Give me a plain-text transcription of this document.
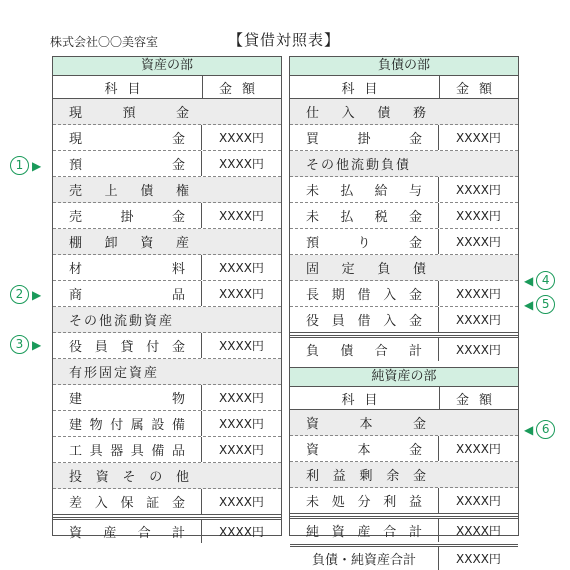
株式会社〇〇美容室	【貸借対照表】
資産の部
科目	金額
現	預	金
現	金	XXXX円
預	金	XXXX円
売 上 債 権
売	掛	金	XXXX円
棚 卸 資 産
材	料	XXXX円
商	品	XXXX円
その他流動資産
役 員 貸 付 金	XXXX円
有形固定資産
建	物	XXXX円
建 物 付 属 設 備	XXXX円
工 具 器 具 備 品	XXXX円
投 資 そ の 他
差 入 保 証 金	XXXX円
資 産 合 計	XXXX円
負債の部
科目	金額
仕 入 債 務
買	掛	金	XXXX円
その他流動負債
未 払 給 与	XXXX円
未 払 税 金	XXXX円
預	り	金	XXXX円
固 定 負 債
長 期 借 入 金	XXXX円
役 員 借 入 金	XXXX円
負 債 合 計	XXXX円
純資産の部
科目	金額
資	本	金
資	本	金	XXXX円
利 益 剰 余 金
未 処 分 利 益	XXXX円
純 資 産 合 計	XXXX円
負債・純資産合計	XXXX円
1 ▶
2 ▶
3 ▶
◀ 4
◀ 5
◀ 6
